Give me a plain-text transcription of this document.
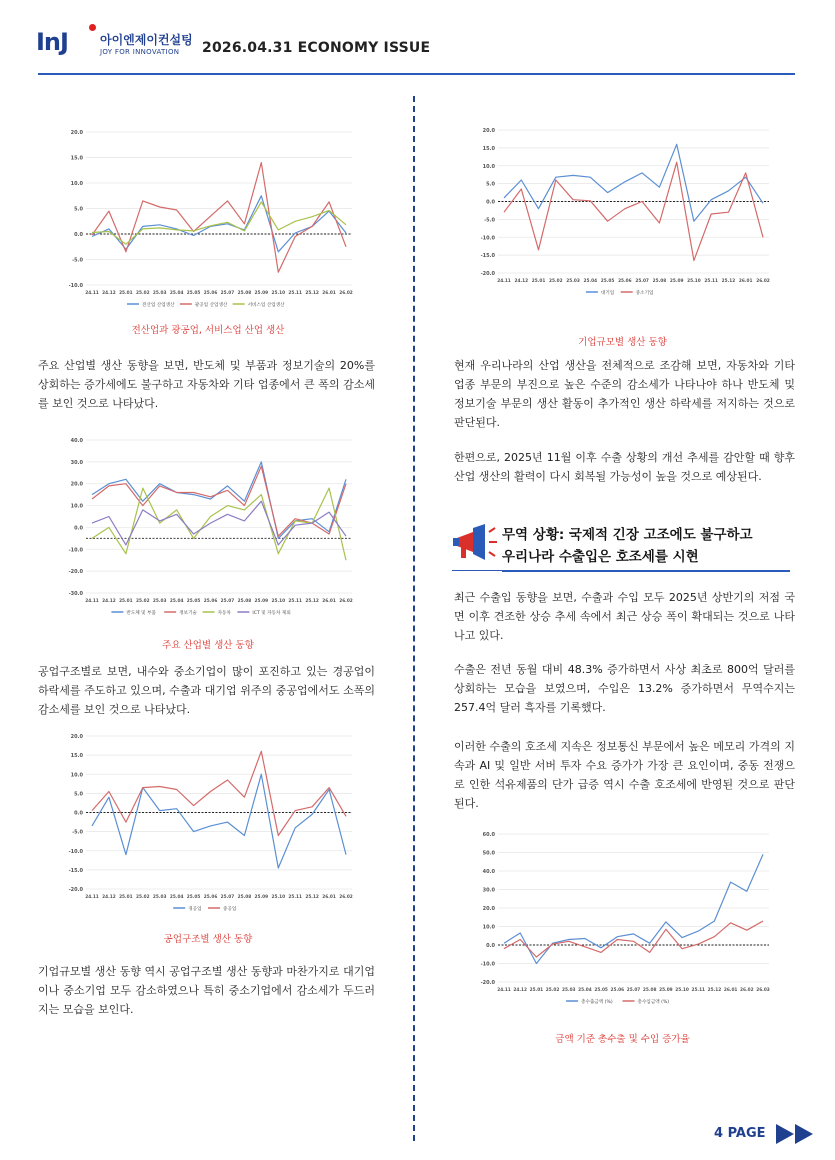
InJ	아이엔제이컨설팅
JOY FOR INNOVATION 2026.04.31 ECONOMY ISSUE
20.0
15.0
10.0
5.0
0.0
-5.0
-10.0
24.11 24.12 25.01 25.02 25.03 25.04 25.05 25.06 25.07 25.08 25.09 25.10 25.11 25.12 26.01 26.02
전산업 산업생산	광공업 산업생산	서비스업 산업생산
전산업과 광공업, 서비스업 산업 생산
주요 산업별 생산 동향을 보면, 반도체 및 부품과 정보기술의 20%를 상회하는 증가세에도 불구하고 자동차와 기타 업종에서 큰 폭의 감소세를 보인 것으로 나타났다.
40.0
30.0
20.0
10.0
0.0
-10.0
-20.0
-30.0
24.11 24.12 25.01 25.02 25.03 25.04 25.05 25.06 25.07 25.08 25.09 25.10 25.11 25.12 26.01 26.02
반도체 및 부품	정보기술	자동차	ICT 및 자동차 제외
주요 산업별 생산 동향
공업구조별로 보면, 내수와 중소기업이 많이 포진하고 있는 경공업이 하락세를 주도하고 있으며, 수출과 대기업 위주의 중공업에서도 소폭의 감소세를 보인 것으로 나타났다.
20.0
15.0
10.0
5.0
0.0
-5.0
-10.0
-15.0
-20.0
24.11 24.12 25.01 25.02 25.03 25.04 25.05 25.06 25.07 25.08 25.09 25.10 25.11 25.12 26.01 26.02
경공업	중공업
공업구조별 생산 동향
기업규모별 생산 동향 역시 공업구조별 생산 동향과 마찬가지로 대기업이나 중소기업 모두 감소하였으나 특히 중소기업에서 감소세가 두드러지는 모습을 보인다.
20.0
15.0
10.0
5.0
0.0
-5.0
-10.0
-15.0
-20.0
24.11 24.12 25.01 25.02 25.03 25.04 25.05 25.06 25.07 25.08 25.09 25.10 25.11 25.12 26.01 26.02
대기업	중소기업
기업규모별 생산 동향
현재 우리나라의 산업 생산을 전체적으로 조감해 보면, 자동차와 기타 업종 부문의 부진으로 높은 수준의 감소세가 나타나야 하나 반도체 및 정보기술 부문의 생산 활동이 추가적인 생산 하락세를 저지하는 것으로 판단된다.
한편으로, 2025년 11월 이후 수출 상황의 개선 추세를 감안할 때 향후 산업 생산의 활력이 다시 회복될 가능성이 높을 것으로 예상된다.
무역 상황: 국제적 긴장 고조에도 불구하고
우리나라 수출입은 호조세를 시현
최근 수출입 동향을 보면, 수출과 수입 모두 2025년 상반기의 저점 국면 이후 견조한 상승 추세 속에서 최근 상승 폭이 확대되는 것으로 나타나고 있다.
수출은 전년 동월 대비 48.3% 증가하면서 사상 최초로 800억 달러를 상회하는 모습을 보였으며, 수입은 13.2% 증가하면서 무역수지는 257.4억 달러 흑자를 기록했다.
이러한 수출의 호조세 지속은 정보통신 부문에서 높은 메모리 가격의 지속과 AI 및 일반 서버 투자 수요 증가가 가장 큰 요인이며, 중동 전쟁으로 인한 석유제품의 단가 급증 역시 수출 호조세에 반영된 것으로 판단된다.
60.0
50.0
40.0
30.0
20.0
10.0
0.0
-10.0
-20.0
24.11 24.12 25.01 25.02 25.03 25.04 25.05 25.06 25.07 25.08 25.09 25.10 25.11 25.12 26.01 26.02 26.03
총수출금액 (%)	총수입금액 (%)
금액 기준 총수출 및 수입 증가율
4 PAGE
